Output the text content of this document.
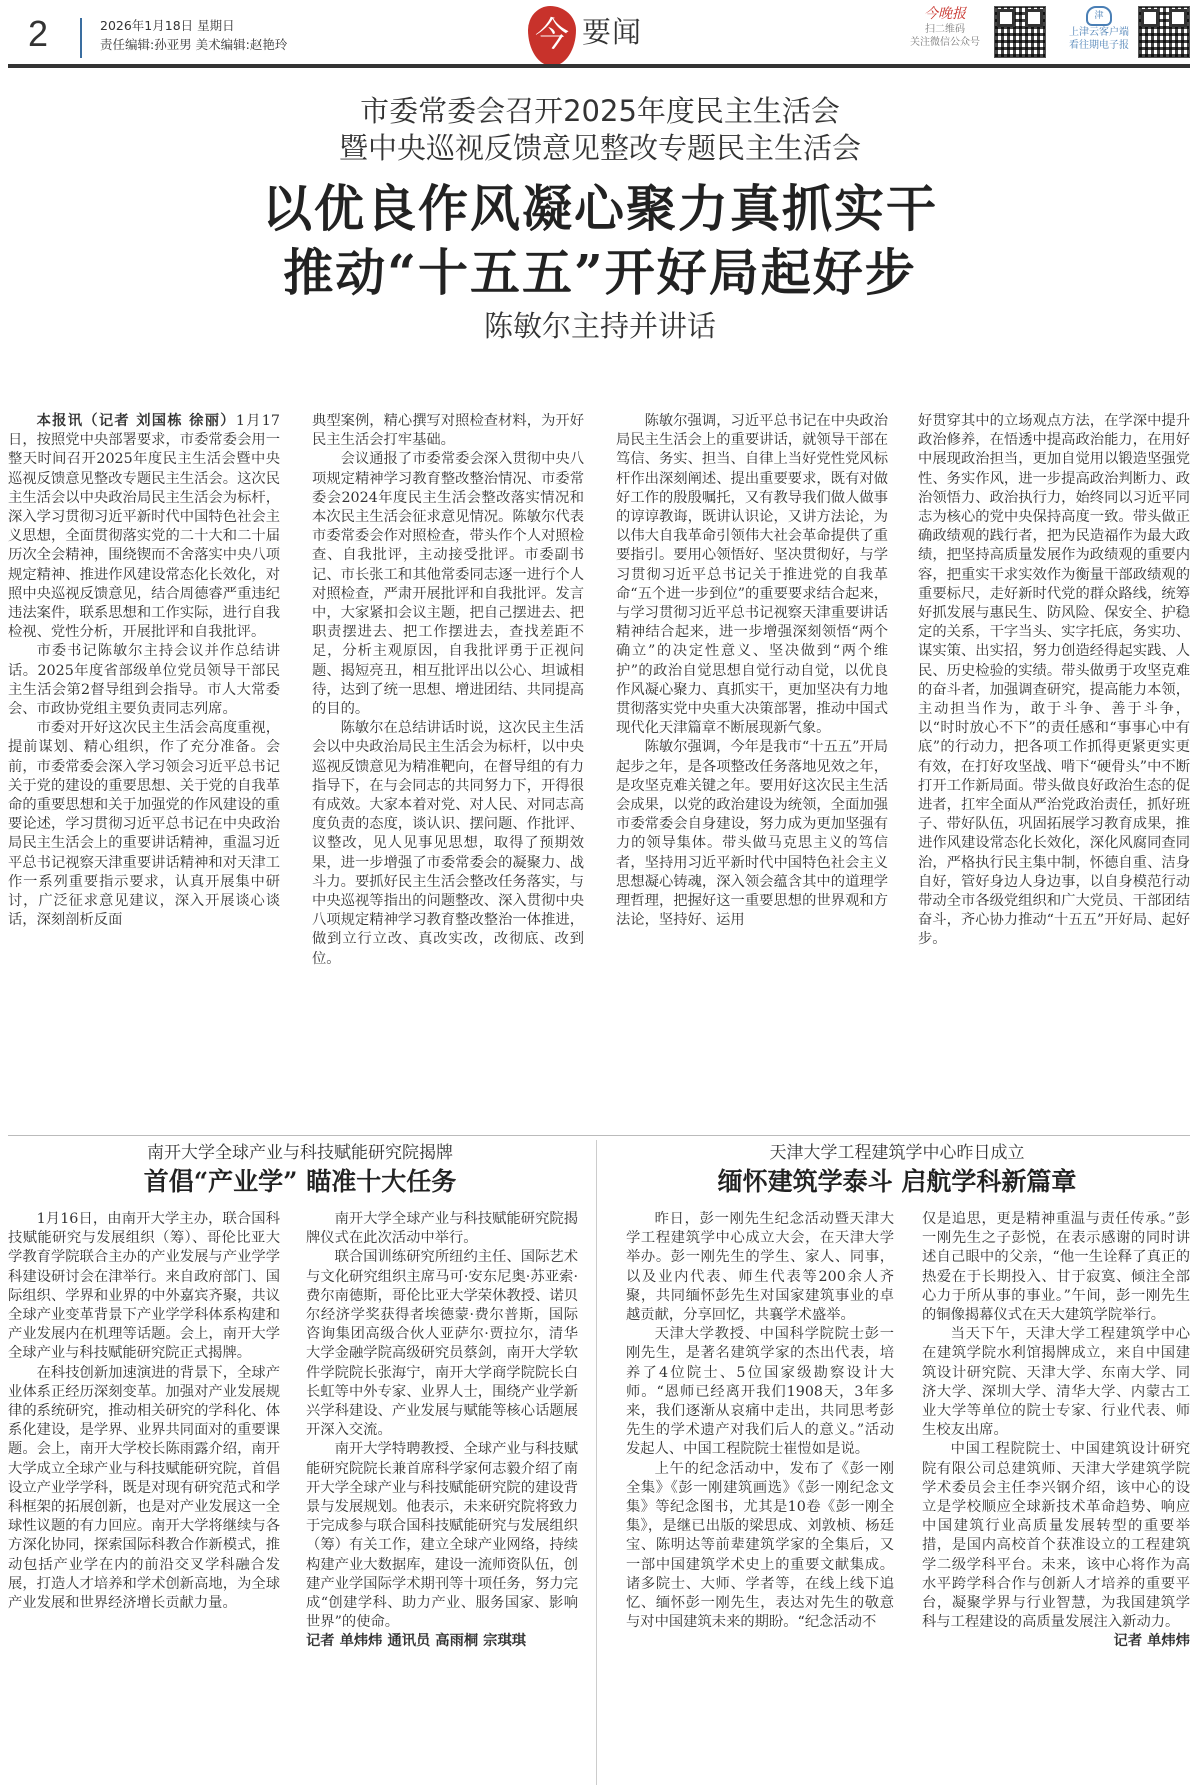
2	2026年1月18日 星期日
责任编辑:孙亚男 美术编辑:赵艳玲	今 要闻
今晚报
扫二维码
关注微信公众号
津
上津云客户端
看往期电子报
市委常委会召开2025年度民主生活会
暨中央巡视反馈意见整改专题民主生活会
以优良作风凝心聚力真抓实干
推动“十五五”开好局起好步
陈敏尔主持并讲话

本报讯（记者 刘国栋 徐丽）1月17日，按照党中央部署要求，市委常委会用一整天时间召开2025年度民主生活会暨中央巡视反馈意见整改专题民主生活会。这次民主生活会以中央政治局民主生活会为标杆，深入学习贯彻习近平新时代中国特色社会主义思想，全面贯彻落实党的二十大和二十届历次全会精神，围绕锲而不舍落实中央八项规定精神、推进作风建设常态化长效化，对照中央巡视反馈意见，结合周德睿严重违纪违法案件，联系思想和工作实际，进行自我检视、党性分析，开展批评和自我批评。

市委书记陈敏尔主持会议并作总结讲话。2025年度省部级单位党员领导干部民主生活会第2督导组到会指导。市人大常委会、市政协党组主要负责同志列席。

市委对开好这次民主生活会高度重视，提前谋划、精心组织，作了充分准备。会前，市委常委会深入学习领会习近平总书记关于党的建设的重要思想、关于党的自我革命的重要思想和关于加强党的作风建设的重要论述，学习贯彻习近平总书记在中央政治局民主生活会上的重要讲话精神，重温习近平总书记视察天津重要讲话精神和对天津工作一系列重要指示要求，认真开展集中研讨，广泛征求意见建议，深入开展谈心谈话，深刻剖析反面

典型案例，精心撰写对照检查材料，为开好民主生活会打牢基础。

会议通报了市委常委会深入贯彻中央八项规定精神学习教育整改整治情况、市委常委会2024年度民主生活会整改落实情况和本次民主生活会征求意见情况。陈敏尔代表市委常委会作对照检查，带头作个人对照检查、自我批评，主动接受批评。市委副书记、市长张工和其他常委同志逐一进行个人对照检查，严肃开展批评和自我批评。发言中，大家紧扣会议主题，把自己摆进去、把职责摆进去、把工作摆进去，查找差距不足，分析主观原因，自我批评勇于正视问题、揭短亮丑，相互批评出以公心、坦诚相待，达到了统一思想、增进团结、共同提高的目的。

陈敏尔在总结讲话时说，这次民主生活会以中央政治局民主生活会为标杆，以中央巡视反馈意见为精准靶向，在督导组的有力指导下，在与会同志的共同努力下，开得很有成效。大家本着对党、对人民、对同志高度负责的态度，谈认识、摆问题、作批评、议整改，见人见事见思想，取得了预期效果，进一步增强了市委常委会的凝聚力、战斗力。要抓好民主生活会整改任务落实，与中央巡视等指出的问题整改、深入贯彻中央八项规定精神学习教育整改整治一体推进，做到立行立改、真改实改，改彻底、改到位。

陈敏尔强调，习近平总书记在中央政治局民主生活会上的重要讲话，就领导干部在笃信、务实、担当、自律上当好党性党风标杆作出深刻阐述、提出重要要求，既有对做好工作的殷殷嘱托，又有教导我们做人做事的谆谆教诲，既讲认识论，又讲方法论，为以伟大自我革命引领伟大社会革命提供了重要指引。要用心领悟好、坚决贯彻好，与学习贯彻习近平总书记关于推进党的自我革命“五个进一步到位”的重要要求结合起来，与学习贯彻习近平总书记视察天津重要讲话精神结合起来，进一步增强深刻领悟“两个确立”的决定性意义、坚决做到“两个维护”的政治自觉思想自觉行动自觉，以优良作风凝心聚力、真抓实干，更加坚决有力地贯彻落实党中央重大决策部署，推动中国式现代化天津篇章不断展现新气象。

陈敏尔强调，今年是我市“十五五”开局起步之年，是各项整改任务落地见效之年，是攻坚克难关键之年。要用好这次民主生活会成果，以党的政治建设为统领，全面加强市委常委会自身建设，努力成为更加坚强有力的领导集体。带头做马克思主义的笃信者，坚持用习近平新时代中国特色社会主义思想凝心铸魂，深入领会蕴含其中的道理学理哲理，把握好这一重要思想的世界观和方法论，坚持好、运用

好贯穿其中的立场观点方法，在学深中提升政治修养，在悟透中提高政治能力，在用好中展现政治担当，更加自觉用以锻造坚强党性、务实作风，进一步提高政治判断力、政治领悟力、政治执行力，始终同以习近平同志为核心的党中央保持高度一致。带头做正确政绩观的践行者，把为民造福作为最大政绩，把坚持高质量发展作为政绩观的重要内容，把重实干求实效作为衡量干部政绩观的重要标尺，走好新时代党的群众路线，统筹好抓发展与惠民生、防风险、保安全、护稳定的关系，干字当头、实字托底，务实功、谋实策、出实招，努力创造经得起实践、人民、历史检验的实绩。带头做勇于攻坚克难的奋斗者，加强调查研究，提高能力本领，主动担当作为，敢于斗争、善于斗争，以“时时放心不下”的责任感和“事事心中有底”的行动力，把各项工作抓得更紧更实更有效，在打好攻坚战、啃下“硬骨头”中不断打开工作新局面。带头做良好政治生态的促进者，扛牢全面从严治党政治责任，抓好班子、带好队伍，巩固拓展学习教育成果，推进作风建设常态化长效化，深化风腐同查同治，严格执行民主集中制，怀德自重、洁身自好，管好身边人身边事，以自身模范行动带动全市各级党组织和广大党员、干部团结奋斗，齐心协力推动“十五五”开好局、起好步。

南开大学全球产业与科技赋能研究院揭牌
首倡“产业学” 瞄准十大任务

1月16日，由南开大学主办，联合国科技赋能研究与发展组织（筹）、哥伦比亚大学教育学院联合主办的产业发展与产业学学科建设研讨会在津举行。来自政府部门、国际组织、学界和业界的中外嘉宾齐聚，共议全球产业变革背景下产业学学科体系构建和产业发展内在机理等话题。会上，南开大学全球产业与科技赋能研究院正式揭牌。

在科技创新加速演进的背景下，全球产业体系正经历深刻变革。加强对产业发展规律的系统研究，推动相关研究的学科化、体系化建设，是学界、业界共同面对的重要课题。会上，南开大学校长陈雨露介绍，南开大学成立全球产业与科技赋能研究院，首倡设立产业学学科，既是对现有研究范式和学科框架的拓展创新，也是对产业发展这一全球性议题的有力回应。南开大学将继续与各方深化协同，探索国际科教合作新模式，推动包括产业学在内的前沿交叉学科融合发展，打造人才培养和学术创新高地，为全球产业发展和世界经济增长贡献力量。

南开大学全球产业与科技赋能研究院揭牌仪式在此次活动中举行。

联合国训练研究所纽约主任、国际艺术与文化研究组织主席马可·安东尼奥·苏亚索·费尔南德斯，哥伦比亚大学荣休教授、诺贝尔经济学奖获得者埃德蒙·费尔普斯，国际咨询集团高级合伙人亚萨尔·贾拉尔，清华大学金融学院高级研究员蔡剑，南开大学软件学院院长张海宁，南开大学商学院院长白长虹等中外专家、业界人士，围绕产业学新兴学科建设、产业发展与赋能等核心话题展开深入交流。

南开大学特聘教授、全球产业与科技赋能研究院院长兼首席科学家何志毅介绍了南开大学全球产业与科技赋能研究院的建设背景与发展规划。他表示，未来研究院将致力于完成参与联合国科技赋能研究与发展组织（筹）有关工作，建立全球产业网络，持续构建产业大数据库，建设一流师资队伍，创建产业学国际学术期刊等十项任务，努力完成“创建学科、助力产业、服务国家、影响世界”的使命。

记者 单炜炜 通讯员 高雨桐 宗琪琪

天津大学工程建筑学中心昨日成立
缅怀建筑学泰斗 启航学科新篇章

昨日，彭一刚先生纪念活动暨天津大学工程建筑学中心成立大会，在天津大学举办。彭一刚先生的学生、家人、同事，以及业内代表、师生代表等200余人齐聚，共同缅怀彭先生对国家建筑事业的卓越贡献，分享回忆，共襄学术盛举。

天津大学教授、中国科学院院士彭一刚先生，是著名建筑学家的杰出代表，培养了4位院士、5位国家级勘察设计大师。“恩师已经离开我们1908天，3年多来，我们逐渐从哀痛中走出，共同思考彭先生的学术遗产对我们后人的意义。”活动发起人、中国工程院院士崔愷如是说。

上午的纪念活动中，发布了《彭一刚全集》《彭一刚建筑画选》《彭一刚纪念文集》等纪念图书，尤其是10卷《彭一刚全集》，是继已出版的梁思成、刘敦桢、杨廷宝、陈明达等前辈建筑学家的全集后，又一部中国建筑学术史上的重要文献集成。诸多院士、大师、学者等，在线上线下追忆、缅怀彭一刚先生，表达对先生的敬意与对中国建筑未来的期盼。“纪念活动不

仅是追思，更是精神重温与责任传承。”彭一刚先生之子彭悦，在表示感谢的同时讲述自己眼中的父亲，“他一生诠释了真正的热爱在于长期投入、甘于寂寞、倾注全部心力于所从事的事业。”午间，彭一刚先生的铜像揭幕仪式在天大建筑学院举行。

当天下午，天津大学工程建筑学中心在建筑学院水利馆揭牌成立，来自中国建筑设计研究院、天津大学、东南大学、同济大学、深圳大学、清华大学、内蒙古工业大学等单位的院士专家、行业代表、师生校友出席。

中国工程院院士、中国建筑设计研究院有限公司总建筑师、天津大学建筑学院学术委员会主任李兴钢介绍，该中心的设立是学校顺应全球新技术革命趋势、响应中国建筑行业高质量发展转型的重要举措，是国内高校首个获准设立的工程建筑学二级学科平台。未来，该中心将作为高水平跨学科合作与创新人才培养的重要平台，凝聚学界与行业智慧，为我国建筑学科与工程建设的高质量发展注入新动力。

记者 单炜炜
